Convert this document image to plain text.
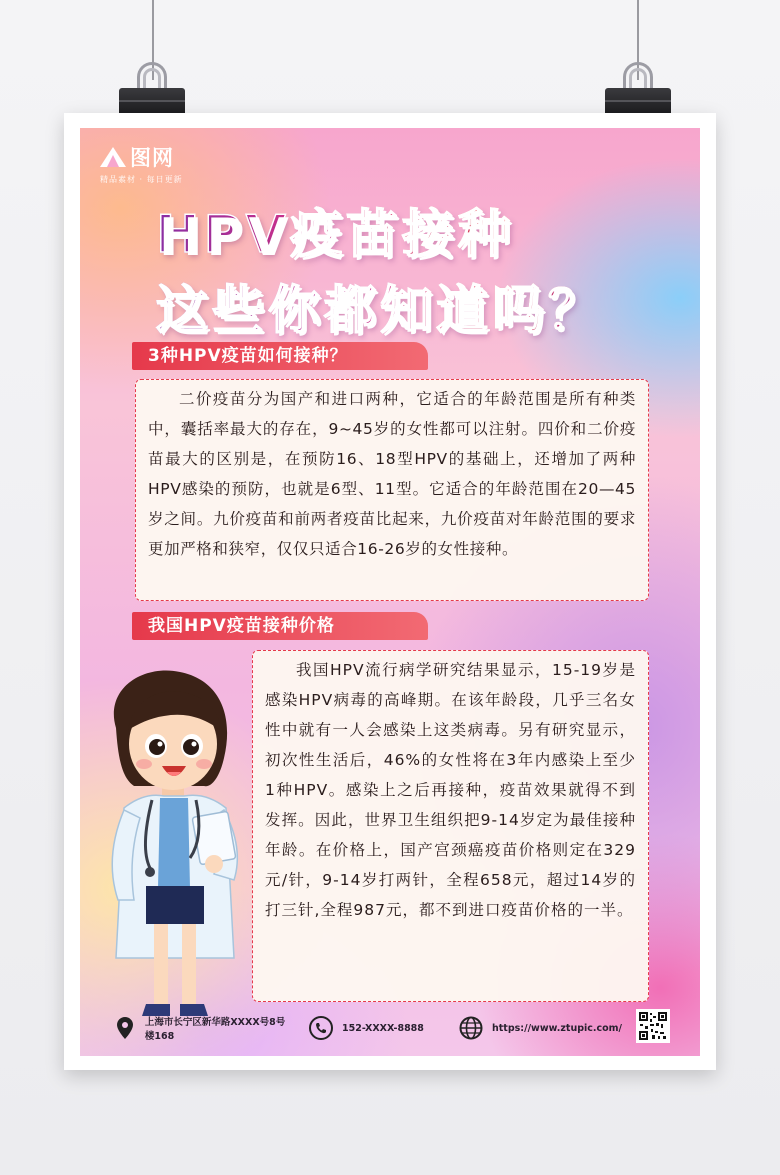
图网
精品素材 · 每日更新
HPV疫苗接种
这些你都知道吗？
3种HPV疫苗如何接种？

二价疫苗分为国产和进口两种，它适合的年龄范围是所有种类中，囊括率最大的存在，9~45岁的女性都可以注射。四价和二价疫苗最大的区别是，在预防16、18型HPV的基础上，还增加了两种HPV感染的预防，也就是6型、11型。它适合的年龄范围在20—45岁之间。九价疫苗和前两者疫苗比起来，九价疫苗对年龄范围的要求更加严格和狭窄，仅仅只适合16-26岁的女性接种。

我国HPV疫苗接种价格

我国HPV流行病学研究结果显示，15-19岁是感染HPV病毒的高峰期。在该年龄段，几乎三名女性中就有一人会感染上这类病毒。另有研究显示，初次性生活后，46%的女性将在3年内感染上至少1种HPV。感染上之后再接种，疫苗效果就得不到发挥。因此，世界卫生组织把9-14岁定为最佳接种年龄。在价格上，国产宫颈癌疫苗价格则定在329元/针，9-14岁打两针，全程658元，超过14岁的打三针,全程987元，都不到进口疫苗价格的一半。

上海市长宁区新华路XXXX号8号楼168
152-XXXX-8888	https://www.ztupic.com/
